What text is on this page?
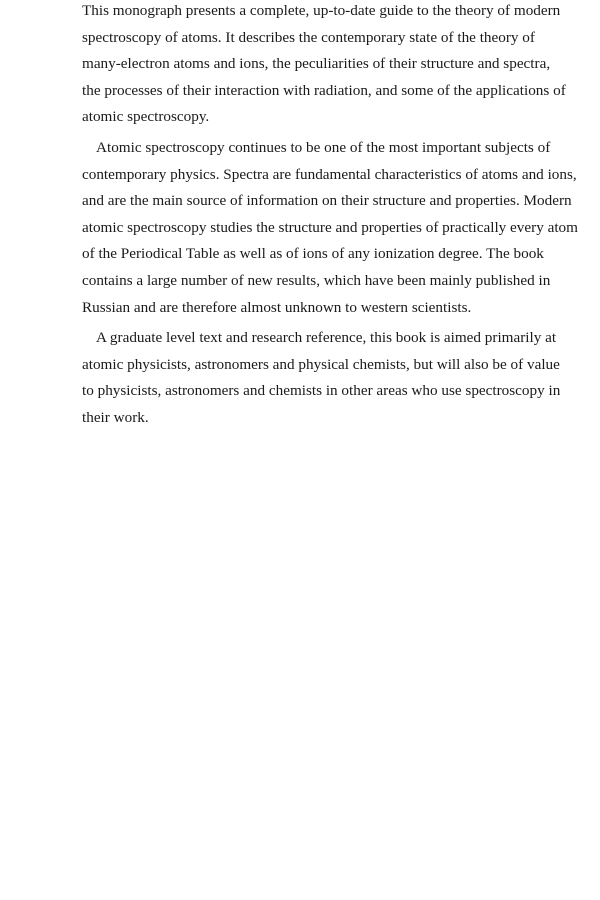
This monograph presents a complete, up-to-date guide to the theory of modern
spectroscopy of atoms. It describes the contemporary state of the theory of
many-electron atoms and ions, the peculiarities of their structure and spectra,
the processes of their interaction with radiation, and some of the applications of
atomic spectroscopy.
Atomic spectroscopy continues to be one of the most important subjects of
contemporary physics. Spectra are fundamental characteristics of atoms and ions,
and are the main source of information on their structure and properties. Modern
atomic spectroscopy studies the structure and properties of practically every atom
of the Periodical Table as well as of ions of any ionization degree. The book
contains a large number of new results, which have been mainly published in
Russian and are therefore almost unknown to western scientists.
A graduate level text and research reference, this book is aimed primarily at
atomic physicists, astronomers and physical chemists, but will also be of value
to physicists, astronomers and chemists in other areas who use spectroscopy in
their work.
